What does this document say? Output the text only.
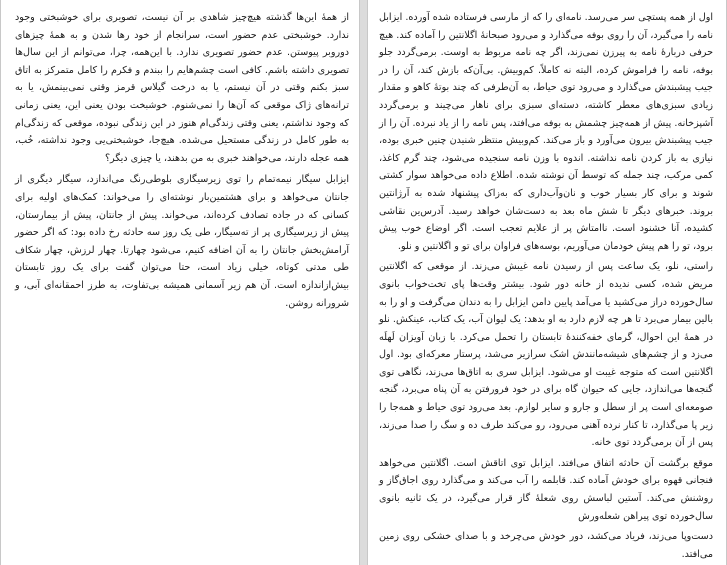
از همهٔ این‌ها گذشته هیچ‌چیز شاهدی بر آن نیست، تصویری برای خوشبختی وجود ندارد. خوشبختی عدم حضور است، سرانجام از خود رها شدن و به همهٔ چیزهای دوروبر پیوستن. عدم حضور تصویری ندارد. با این‌همه، چرا، می‌توانم از این سال‌ها تصویری داشته باشم. کافی است چشم‌هایم را ببندم و فکرم را کامل متمرکز به اتاق سبز بکنم وقتی در آن نیستم، یا به درخت گیلاس قرمز وقتی نمی‌بینمش، یا به ترانه‌های ژاک موقعی که آن‌ها را نمی‌شنوم. خوشبخت بودن یعنی این، یعنی زمانی که وجود نداشتم، یعنی وقتی زندگی‌ام هنوز در این زندگی نبوده، موقعی که زندگی‌ام به طور کامل در زندگی مستحیل می‌شده. هیچ‌جا، خوشبختی‌یی وجود نداشته، خُب، همه عجله دارند، می‌خواهند خبری به من بدهند، یا چیزی دیگر؟

ایزابل سیگار نیمه‌تمام را توی زیرسیگاری بلوطی‌رنگ می‌اندازد، سیگار دیگری از جانتان می‌خواهد و برای هشتمین‌بار نوشته‌ای را می‌خواند: کمک‌های اولیه برای کسانی که در جاده تصادف کرده‌اند، می‌خواند. پیش از جانتان، پیش از بیمارستان، پیش از زیرسیگاری پر از ته‌سیگار، طی یک روز سه حادثه رخ داده بود: که اگر حضور آرامش‌بخش جانتان را به آن اضافه کنیم، می‌شود چهارتا. چهار لرزش، چهار شکاف طی مدتی کوتاه، خیلی زیاد است، حتا می‌توان گفت برای یک روز تابستان بیش‌از‌اندازه است. آن هم زیر آسمانی همیشه بی‌تفاوت، به طرز احمقانه‌ای آبی، و شرورانه روشن.

اول از همه پستچی سر می‌رسد. نامه‌ای را که از مارسی فرستاده شده آورده. ایزابل نامه را می‌گیرد، آن را روی بوفه می‌گذارد و می‌رود صبحانهٔ اگلانتین را آماده کند. هیچ حرفی دربارهٔ نامه به پیرزن نمی‌زند، اگر چه نامه مربوط به اوست. برمی‌گردد جلو بوفه، نامه را فراموش کرده، البته نه کاملاً. کم‌وبیش. بی‌آن‌که بازش کند، آن را در جیب پیشبندش می‌گذارد و می‌رود توی حیاط، به آن‌طرفی که چند بوتهٔ کاهو و مقدار زیادی سبزی‌های معطر کاشته، دسته‌ای سبزی برای ناهار می‌چیند و برمی‌گردد آشپزخانه. پیش از همه‌چیز چشمش به بوفه می‌افتد، پس نامه را از یاد نبرده. آن را از جیب پیشبندش بیرون می‌آورد و باز می‌کند. کم‌وبیش منتظر شنیدن چنین خبری بوده، نیازی به باز کردن نامه نداشته. اندوه با وزن نامه سنجیده می‌شود، چند گرم کاغذ، کمی مرکب، چند جمله که توسط آن نوشته شده. اطلاع داده می‌خواهد سوار کشتی شوند و برای کار بسیار خوب و نان‌وآب‌داری که به‌زاک پیشنهاد شده به آرژانتین بروند. خبرهای دیگر تا شش ماه بعد به دست‌شان خواهد رسید. آدرس‌ین نقاشی کشیده، آنا خشنود است. ناامتاش پر از علایم تعجب است. اگر اوضاع خوب پیش برود، تو را هم پیش خودمان می‌آوریم، بوسه‌های فراوان برای تو و اگلانتین و نلو.

راستی، نلو، یک ساعت پس از رسیدن نامه غیبش می‌زند. از موقعی که اگلانتین مریض شده، کسی ندیده از خانه دور شود. بیشتر وقت‌ها پای تخت‌خواب بانوی سال‌خورده دراز می‌کشید یا می‌آمد پایین دامن ایزابل را به دندان می‌گرفت و او را به بالین بیمار می‌برد تا هر چه لازم دارد به او بدهد: یک لیوان آب، یک کتاب، عینکش. نلو در همهٔ این احوال، گرمای خفه‌کنندهٔ تابستان را تحمل می‌کرد. با زبان آویزان لَهلَه می‌زد و از چشم‌های شیشه‌مانندش اشک سرازیر می‌شد، پرستار معرکه‌ای بود. اول اگلانتین است که متوجه غیبت او می‌شود. ایزابل سری به اتاق‌ها می‌زند، نگاهی توی گنجه‌ها می‌اندازد، جایی که حیوان گاه برای در خود فرورفتن به آن پناه می‌برد، گنجه صومعه‌ای است پر از سطل و جارو و سایر لوازم. بعد می‌رود توی حیاط و همه‌جا را زیر پا می‌گذارد، تا کنار نرده‌ آهنی می‌رود، رو می‌کند طرف ده و سگ را صدا می‌زند، پس از آن برمی‌گردد توی خانه.

موقع برگشت آن حادثه اتفاق می‌افتد. ایزابل توی اتاقش است. اگلانتین می‌خواهد فنجانی قهوه برای خودش آماده کند. قابلمه را آب می‌کند و می‌گذارد روی اجاق‌گاز و روشنش می‌کند. آستین لباسش روی شعلهٔ گاز قرار می‌گیرد، در یک ثانیه بانوی سال‌خورده توی پیراهن شعله‌ورش

دست‌وپا می‌زند، فریاد می‌کشد، دور خودش می‌چرخد و با صدای خشکی روی زمین می‌افتد.
